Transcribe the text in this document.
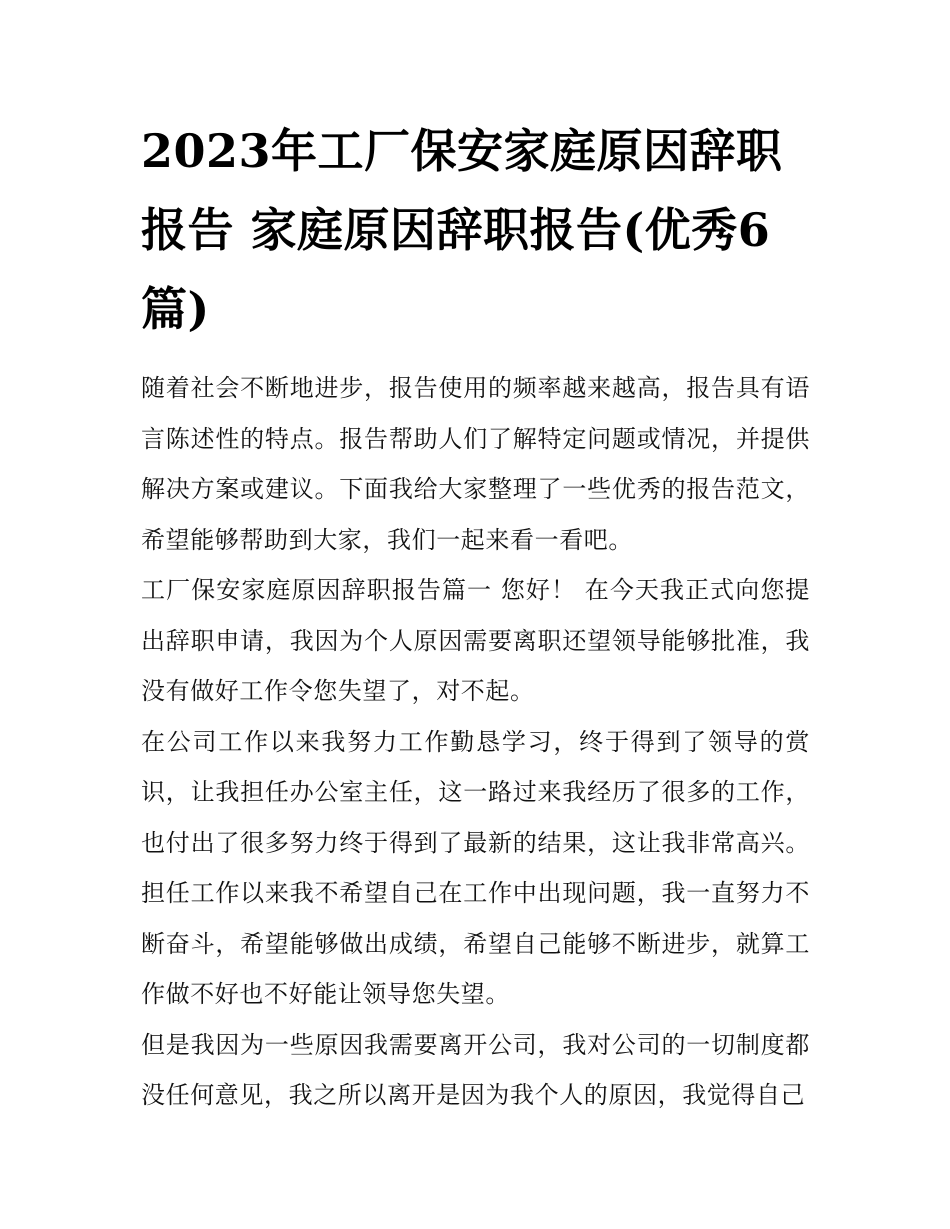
2023年工厂保安家庭原因辞职报告 家庭原因辞职报告(优秀6篇)

随着社会不断地进步，报告使用的频率越来越高，报告具有语言陈述性的特点。报告帮助人们了解特定问题或情况，并提供解决方案或建议。下面我给大家整理了一些优秀的报告范文，希望能够帮助到大家，我们一起来看一看吧。

工厂保安家庭原因辞职报告篇一 您好！ 在今天我正式向您提出辞职申请，我因为个人原因需要离职还望领导能够批准，我没有做好工作令您失望了，对不起。

在公司工作以来我努力工作勤恳学习，终于得到了领导的赏识，让我担任办公室主任，这一路过来我经历了很多的工作，也付出了很多努力终于得到了最新的结果，这让我非常高兴。担任工作以来我不希望自己在工作中出现问题，我一直努力不断奋斗，希望能够做出成绩，希望自己能够不断进步，就算工作做不好也不好能让领导您失望。

但是我因为一些原因我需要离开公司，我对公司的一切制度都没任何意见，我之所以离开是因为我个人的原因，我觉得自己
